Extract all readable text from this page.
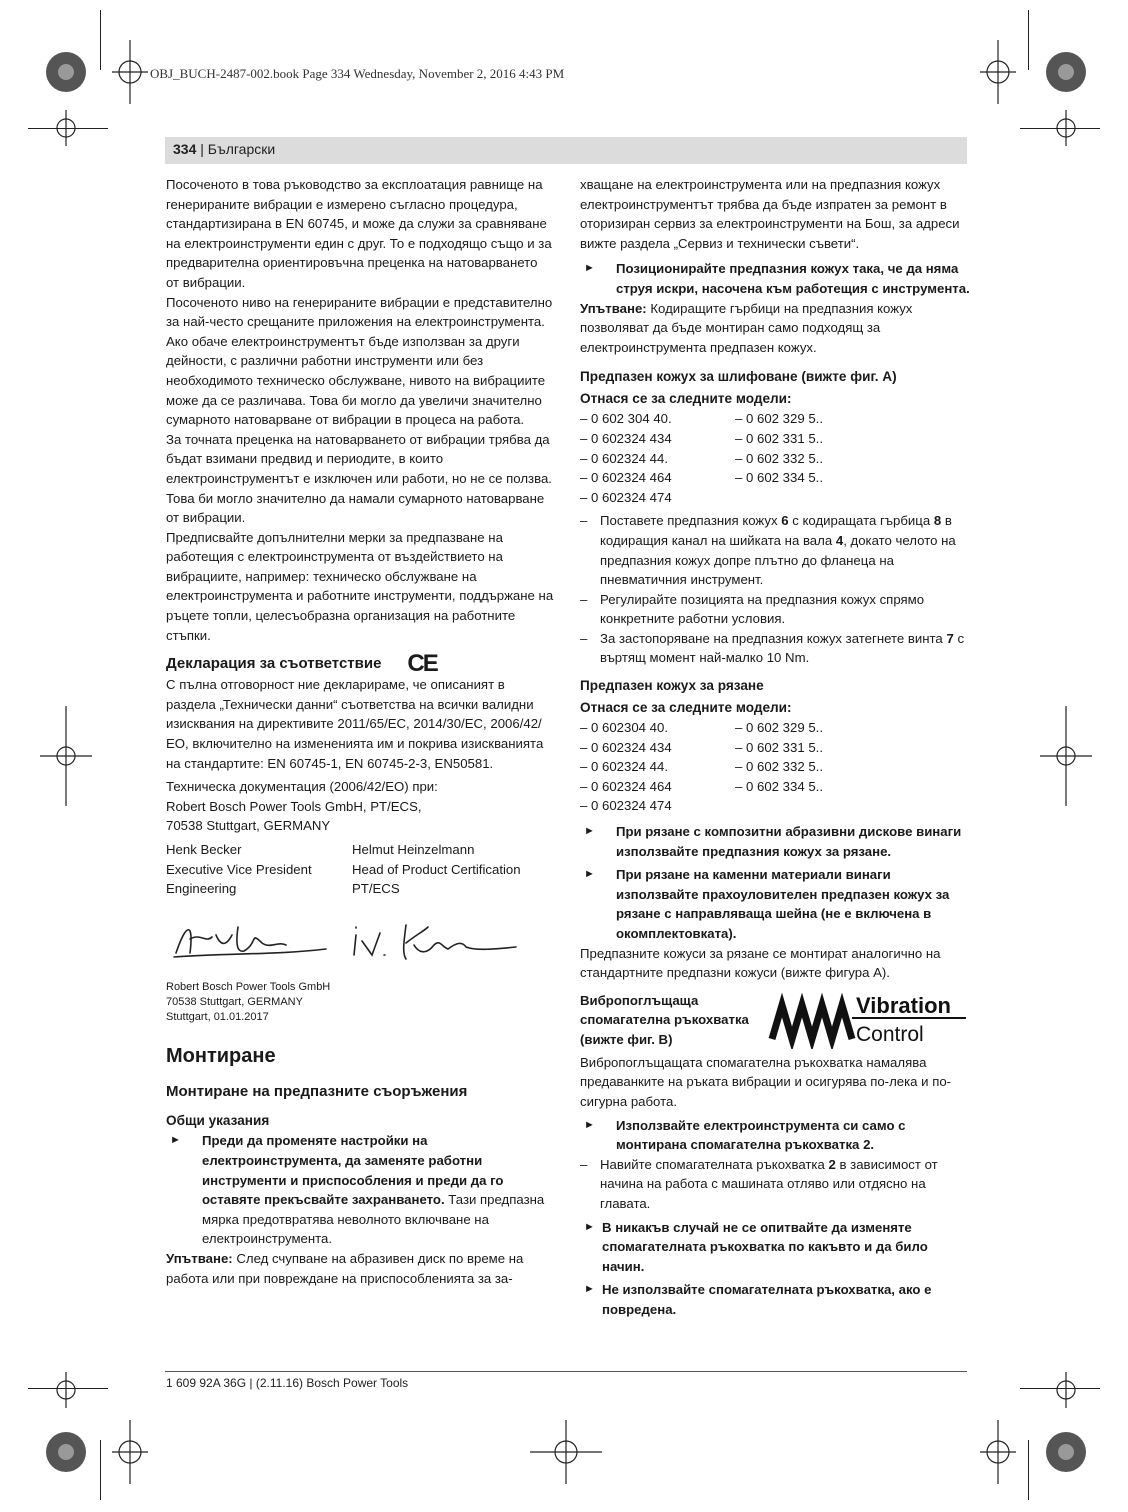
OBJ_BUCH-2487-002.book Page 334 Wednesday, November 2, 2016 4:43 PM
334 | Български

Посоченото в това ръководство за експлоатация равнище на генерираните вибрации е измерено съгласно процедура, стандартизирана в EN 60745, и може да служи за сравняване на електроинструменти един с друг. То е подходящо също и за предварителна ориентировъчна преценка на натоварването от вибрации.

Посоченото ниво на генерираните вибрации е представително за най-често срещаните приложения на електроинструмента. Ако обаче електроинструментът бъде използван за други дейности, с различни работни инструменти или без необходимото техническо обслужване, нивото на вибрациите може да се различава. Това би могло да увеличи значително сумарното натоварване от вибрации в процеса на работа.

За точната преценка на натоварването от вибрации трябва да бъдат взимани предвид и периодите, в които електроинструментът е изключен или работи, но не се ползва. Това би могло значително да намали сумарното натоварване от вибрации.

Предписвайте допълнителни мерки за предпазване на работещия с електроинструмента от въздействието на вибрациите, например: техническо обслужване на електроинструмента и работните инструменти, поддържане на ръцете топли, целесъобразна организация на работните стъпки.

Декларация за съответствие CE

С пълна отговорност ние декларираме, че описаният в раздела „Технически данни“ съответства на всички валидни изисквания на директивите 2011/65/ЕС, 2014/30/ЕС, 2006/42/ЕО, включително на измененията им и покрива изискванията на стандартите: EN 60745-1, EN 60745-2-3, EN50581.

Техническа документация (2006/42/ЕО) при:
Robert Bosch Power Tools GmbH, PT/ECS,
70538 Stuttgart, GERMANY
Henk Becker
Executive Vice President
Engineering
Helmut Heinzelmann
Head of Product Certification
PT/ECS
Robert Bosch Power Tools GmbH
70538 Stuttgart, GERMANY
Stuttgart, 01.01.2017
Монтиране
Монтиране на предпазните съоръжения
Общи указания
►	Преди да променяте настройки на електроинструмента, да заменяте работни инструменти и приспособления и преди да го оставяте прекъсвайте захранването. Тази предпазна мярка предотвратява неволното включване на електроинструмента.

Упътване: След счупване на абразивен диск по време на работа или при повреждане на приспособленията за за-

хващане на електроинструмента или на предпазния кожух електроинструментът трябва да бъде изпратен за ремонт в оторизиран сервиз за електроинструменти на Бош, за адреси вижте раздела „Сервиз и технически съвети“.

►	Позиционирайте предпазния кожух така, че да няма струя искри, насочена към работещия с инструмента.

Упътване: Кодиращите гърбици на предпазния кожух позволяват да бъде монтиран само подходящ за електроинструмента предпазен кожух.

Предпазен кожух за шлифоване (вижте фиг. A)
Отнася се за следните модели:
– 0 602 304 40.	– 0 602 329 5..
– 0 602324 434	– 0 602 331 5..
– 0 602324 44.	– 0 602 332 5..
– 0 602324 464	– 0 602 334 5..
– 0 602324 474
– Поставете предпазния кожух 6 с кодиращата гърбица 8 в кодиращия канал на шийката на вала 4, докато челото на предпазния кожух допре плътно до фланеца на пневматичния инструмент.
– Регулирайте позицията на предпазния кожух спрямо конкретните работни условия.
– За застопоряване на предпазния кожух затегнете винта 7 с въртящ момент най-малко 10 Nm.
Предпазен кожух за рязане
Отнася се за следните модели:
– 0 602304 40.	– 0 602 329 5..
– 0 602324 434	– 0 602 331 5..
– 0 602324 44.	– 0 602 332 5..
– 0 602324 464	– 0 602 334 5..
– 0 602324 474
►	При рязане с композитни абразивни дискове винаги използвайте предпазния кожух за рязане.
►	При рязане на каменни материали винаги използвайте прахоуловителен предпазен кожух за рязане с направляваща шейна (не е включена в окомплектовката).

Предпазните кожуси за рязане се монтират аналогично на стандартните предпазни кожуси (вижте фигура A).

Вибропоглъщаща спомагателна ръкохватка (вижте фиг. B)
Vibration
Control

Вибропоглъщащата спомагателна ръкохватка намалява предаванките на ръката вибрации и осигурява по-лека и по-сигурна работа.

►	Използвайте електроинструмента си само с монтирана спомагателна ръкохватка 2.
– Навийте спомагателната ръкохватка 2 в зависимост от начина на работа с машината отляво или отдясно на главата.
► В никакъв случай не се опитвайте да изменяте спомагателната ръкохватка по какъвто и да било начин.
► Не използвайте спомагателната ръкохватка, ако е повредена.
1 609 92A 36G | (2.11.16) Bosch Power Tools
